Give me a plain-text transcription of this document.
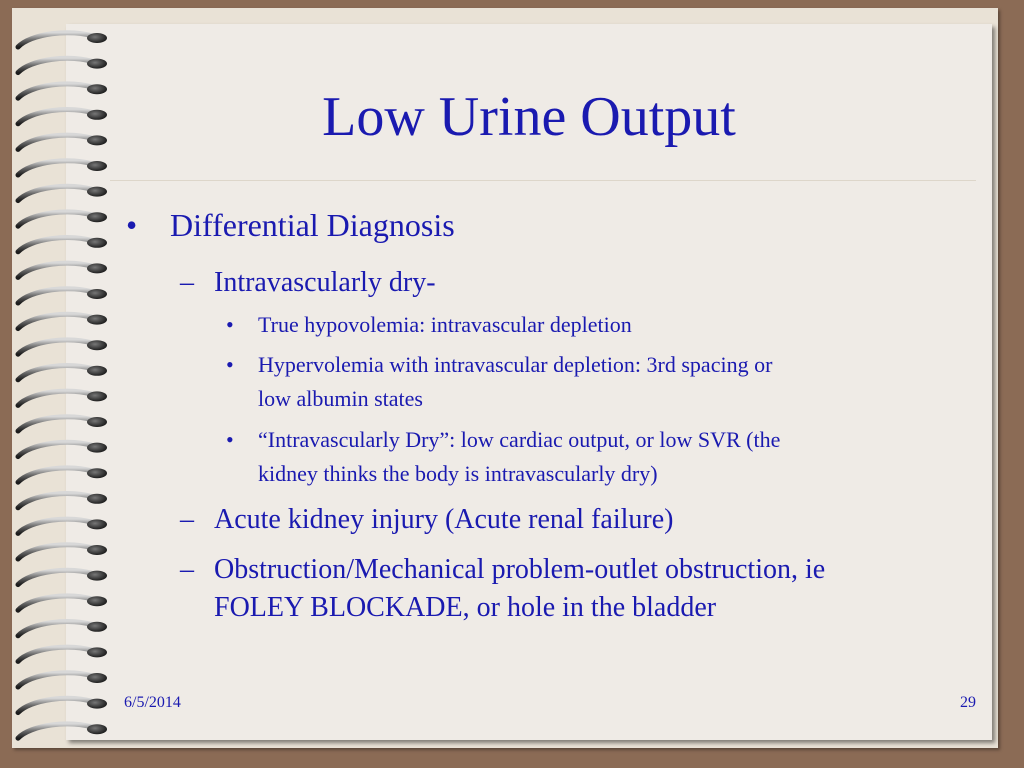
Low Urine Output
• Differential Diagnosis
– Intravascularly dry-
• True hypovolemia: intravascular depletion
• Hypervolemia with intravascular depletion: 3rd spacing or
low albumin states
• “Intravascularly Dry”: low cardiac output, or low SVR (the
kidney thinks the body is intravascularly dry)
– Acute kidney injury (Acute renal failure)
– Obstruction/Mechanical problem-outlet obstruction, ie
FOLEY BLOCKADE, or hole in the bladder
6/5/2014	29
